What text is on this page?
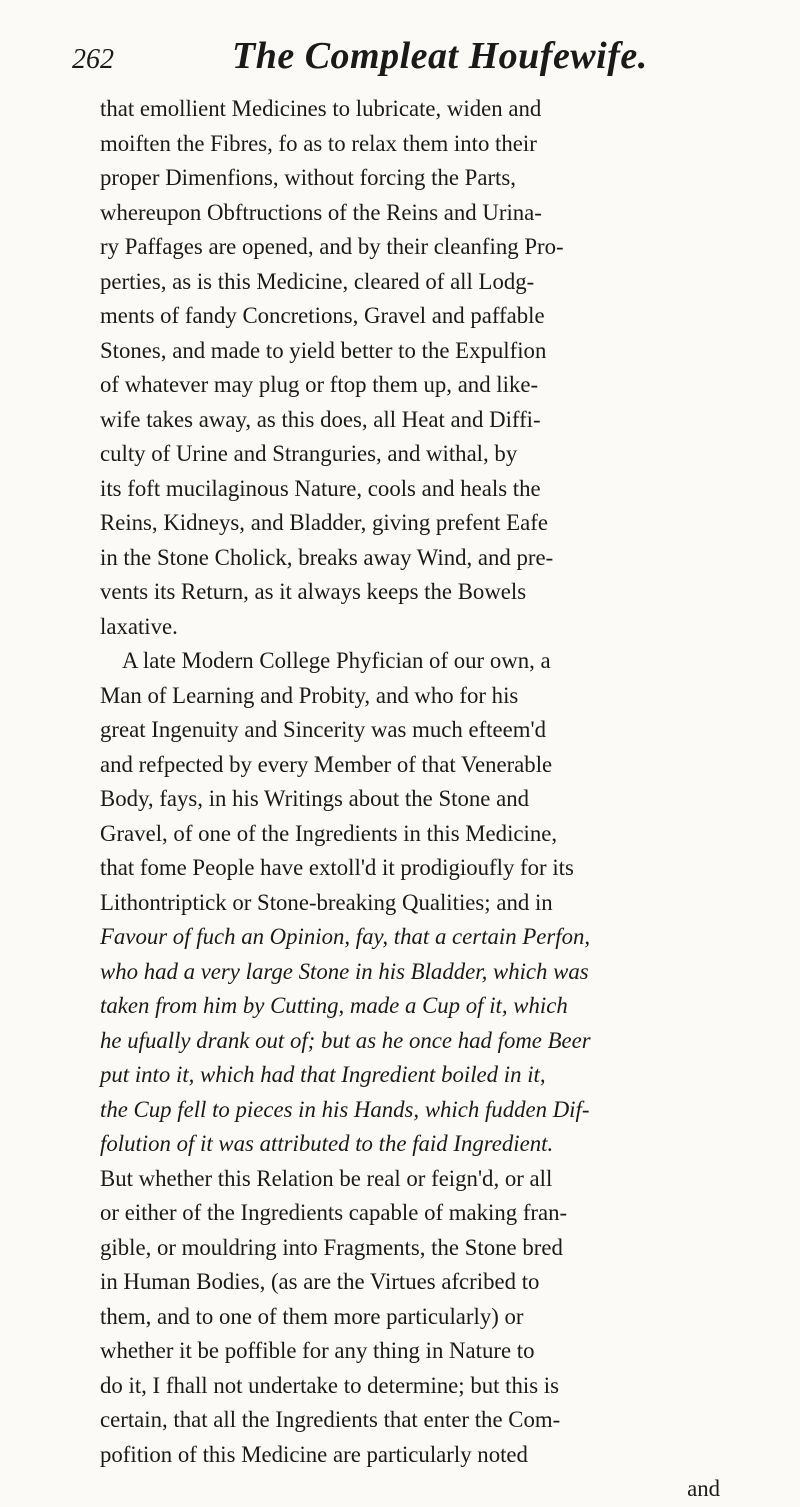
262	The Compleat Houfewife.
that emollient Medicines to lubricate, widen and
moiften the Fibres, fo as to relax them into their
proper Dimenfions, without forcing the Parts,
whereupon Obftructions of the Reins and Urina-
ry Paffages are opened, and by their cleanfing Pro-
perties, as is this Medicine, cleared of all Lodg-
ments of fandy Concretions, Gravel and paffable
Stones, and made to yield better to the Expulfion
of whatever may plug or ftop them up, and like-
wife takes away, as this does, all Heat and Diffi-
culty of Urine and Stranguries, and withal, by
its foft mucilaginous Nature, cools and heals the
Reins, Kidneys, and Bladder, giving prefent Eafe
in the Stone Cholick, breaks away Wind, and pre-
vents its Return, as it always keeps the Bowels
laxative.
A late Modern College Phyfician of our own, a
Man of Learning and Probity, and who for his
great Ingenuity and Sincerity was much efteem'd
and refpected by every Member of that Venerable
Body, fays, in his Writings about the Stone and
Gravel, of one of the Ingredients in this Medicine,
that fome People have extoll'd it prodigioufly for its
Lithontriptick or Stone-breaking Qualities; and in
Favour of fuch an Opinion, fay, that a certain Perfon,
who had a very large Stone in his Bladder, which was
taken from him by Cutting, made a Cup of it, which
he ufually drank out of; but as he once had fome Beer
put into it, which had that Ingredient boiled in it,
the Cup fell to pieces in his Hands, which fudden Dif-
folution of it was attributed to the faid Ingredient.
But whether this Relation be real or feign'd, or all
or either of the Ingredients capable of making fran-
gible, or mouldring into Fragments, the Stone bred
in Human Bodies, (as are the Virtues afcribed to
them, and to one of them more particularly) or
whether it be poffible for any thing in Nature to
do it, I fhall not undertake to determine; but this is
certain, that all the Ingredients that enter the Com-
pofition of this Medicine are particularly noted
and
